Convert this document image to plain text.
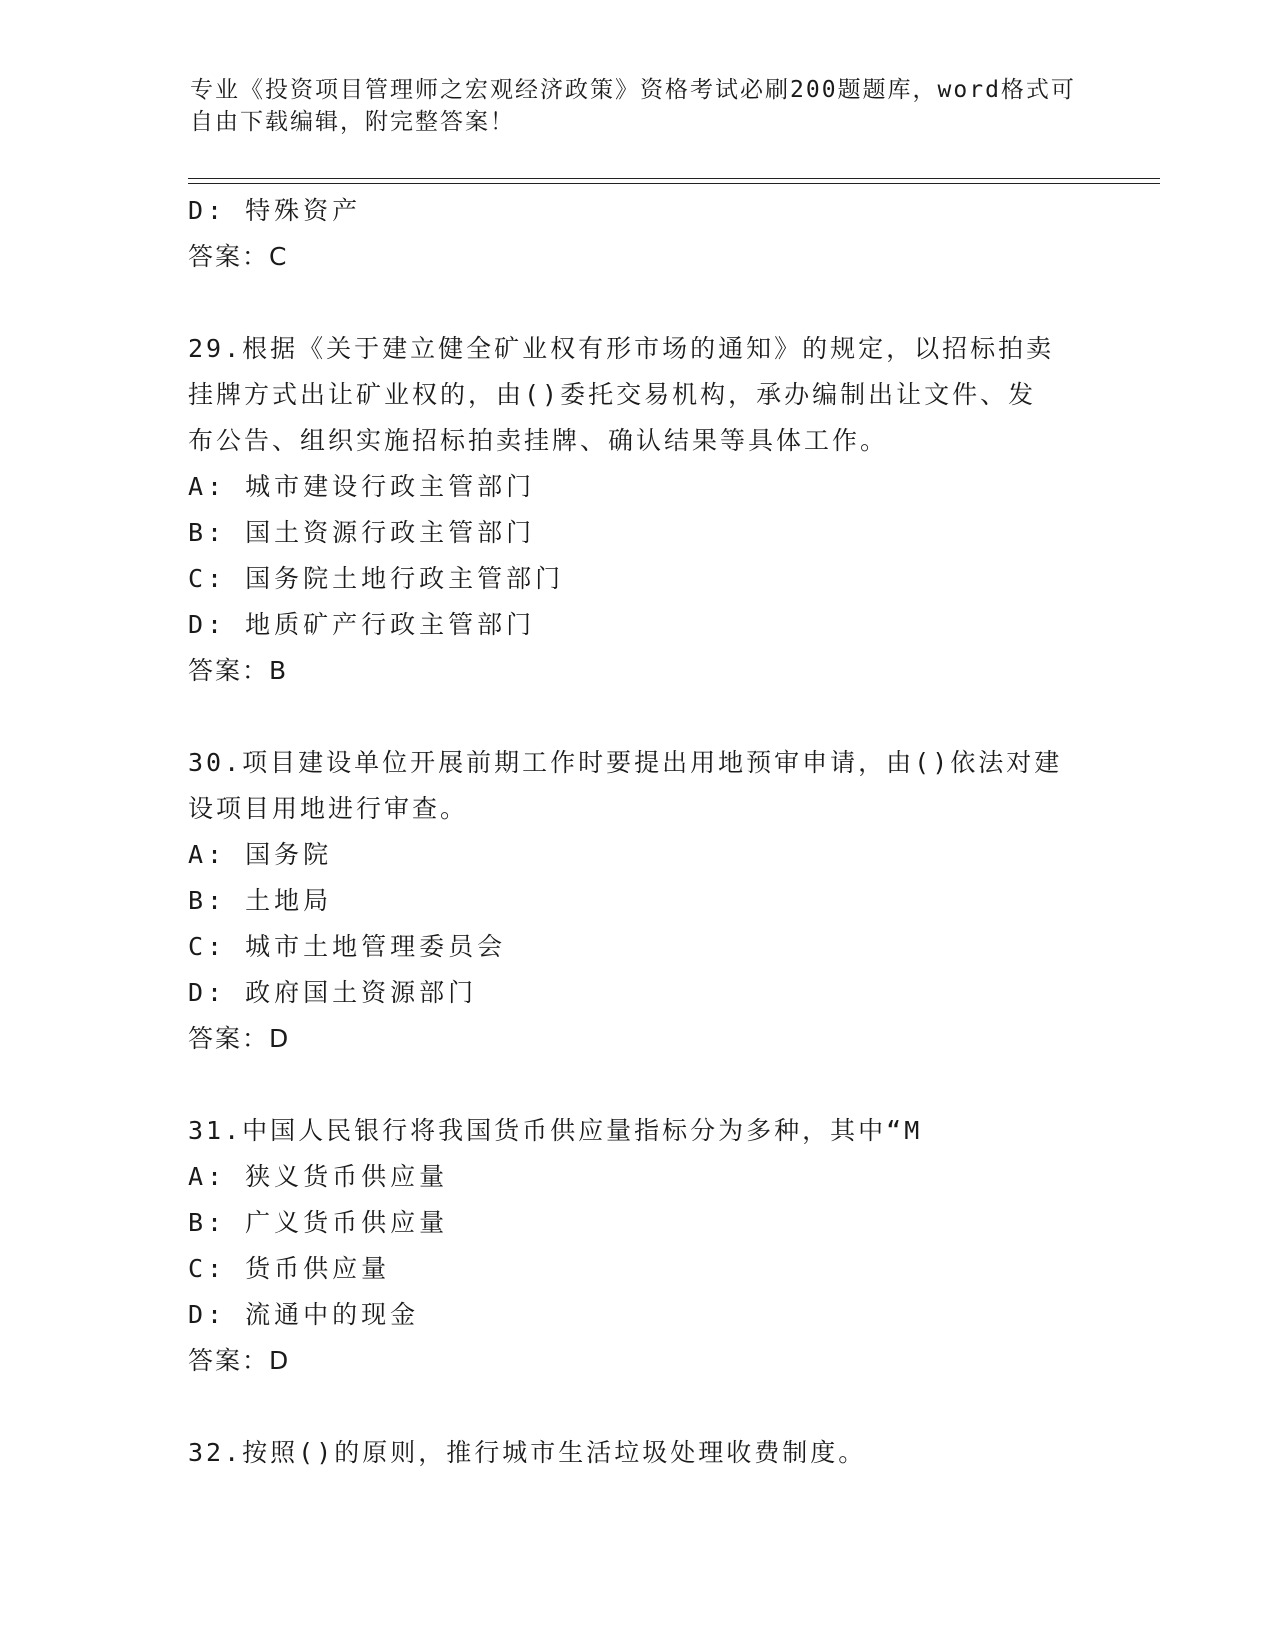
专业《投资项目管理师之宏观经济政策》资格考试必刷200题题库，word格式可
自由下载编辑，附完整答案！
D: 特殊资产
答案：C
29.根据《关于建立健全矿业权有形市场的通知》的规定，以招标拍卖
挂牌方式出让矿业权的，由()委托交易机构，承办编制出让文件、发
布公告、组织实施招标拍卖挂牌、确认结果等具体工作。
A: 城市建设行政主管部门
B: 国土资源行政主管部门
C: 国务院土地行政主管部门
D: 地质矿产行政主管部门
答案：B
30.项目建设单位开展前期工作时要提出用地预审申请，由()依法对建
设项目用地进行审查。
A: 国务院
B: 土地局
C: 城市土地管理委员会
D: 政府国土资源部门
答案：D
31.中国人民银行将我国货币供应量指标分为多种，其中“M
A: 狭义货币供应量
B: 广义货币供应量
C: 货币供应量
D: 流通中的现金
答案：D
32.按照()的原则，推行城市生活垃圾处理收费制度。
